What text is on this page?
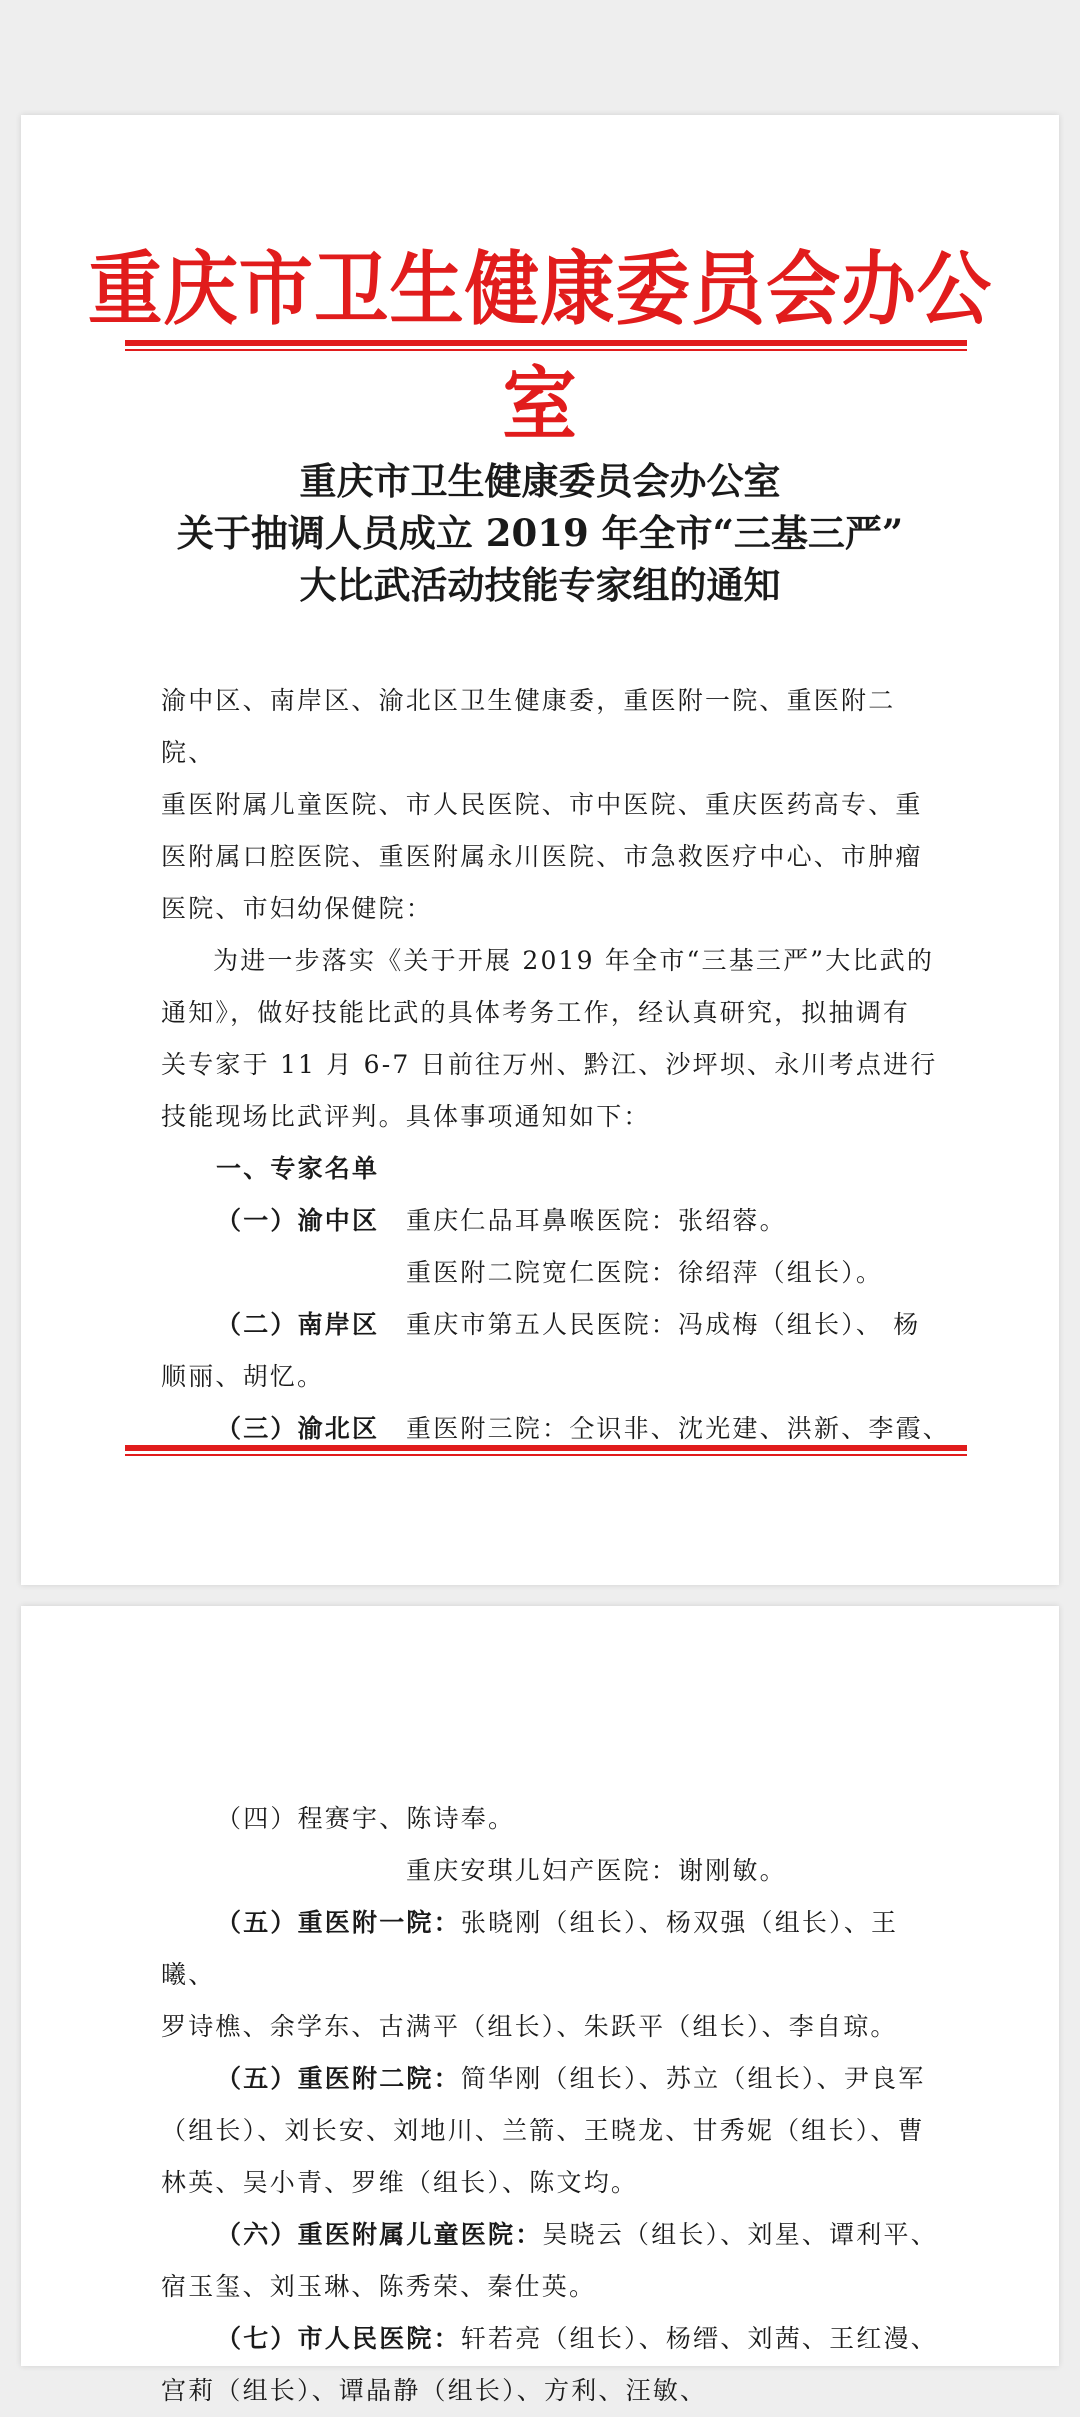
重庆市卫生健康委员会办公室
重庆市卫生健康委员会办公室
关于抽调人员成立 2019 年全市“三基三严”
大比武活动技能专家组的通知

渝中区、南岸区、渝北区卫生健康委，重医附一院、重医附二院、

重医附属儿童医院、市人民医院、市中医院、重庆医药高专、重

医附属口腔医院、重医附属永川医院、市急救医疗中心、市肿瘤

医院、市妇幼保健院：

为进一步落实《关于开展 2019 年全市“三基三严”大比武的

通知》，做好技能比武的具体考务工作，经认真研究，拟抽调有

关专家于 11 月 6-7 日前往万州、黔江、沙坪坝、永川考点进行

技能现场比武评判。具体事项通知如下：

一、专家名单

（一）渝中区	重庆仁品耳鼻喉医院：张绍蓉。
重医附二院宽仁医院：徐绍萍（组长）。
（二）南岸区	重庆市第五人民医院：冯成梅（组长）、 杨

顺丽、胡忆。

（三）渝北区	重医附三院：仝识非、沈光建、洪新、李霞、

（四）程赛宇、陈诗奉。

重庆安琪儿妇产医院：谢刚敏。

（五）重医附一院：张晓刚（组长）、杨双强（组长）、王曦、

罗诗樵、余学东、古满平（组长）、朱跃平（组长）、李自琼。

（五）重医附二院：简华刚（组长）、苏立（组长）、尹良军

（组长）、刘长安、刘地川、兰箭、王晓龙、甘秀妮（组长）、曹

林英、吴小青、罗维（组长）、陈文均。

（六）重医附属儿童医院：吴晓云（组长）、刘星、谭利平、

宿玉玺、刘玉琳、陈秀荣、秦仕英。

（七）市人民医院：轩若亮（组长）、杨缙、刘茜、王红漫、

宫莉（组长）、谭晶静（组长）、方利、汪敏、
